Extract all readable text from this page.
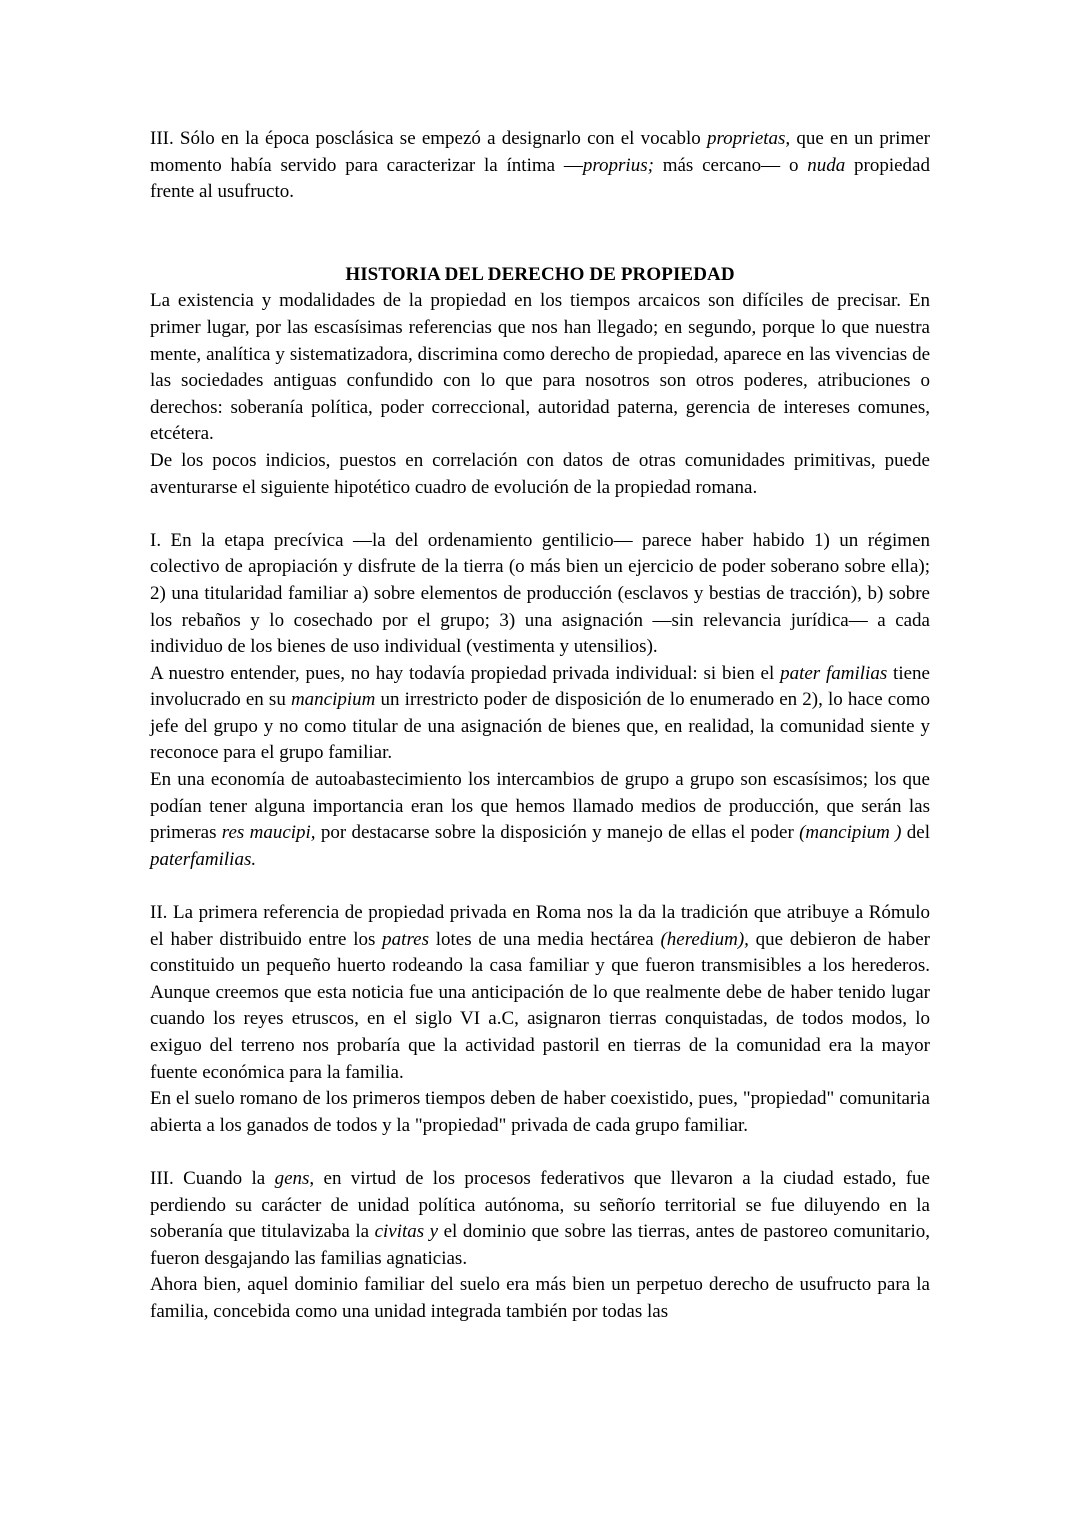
III. Sólo en la época posclásica se empezó a designarlo con el vocablo proprietas, que en un primer momento había servido para caracterizar la íntima —proprius; más cercano— o nuda propiedad frente al usufructo.

HISTORIA DEL DERECHO DE PROPIEDAD

La existencia y modalidades de la propiedad en los tiempos arcaicos son difíciles de precisar. En primer lugar, por las escasísimas referencias que nos han llegado; en segundo, porque lo que nuestra mente, analítica y sistematizadora, discrimina como derecho de propiedad, aparece en las vivencias de las sociedades antiguas confundido con lo que para nosotros son otros poderes, atribuciones o derechos: soberanía política, poder correccional, autoridad paterna, gerencia de intereses comunes, etcétera.

De los pocos indicios, puestos en correlación con datos de otras comunidades primitivas, puede aventurarse el siguiente hipotético cuadro de evolución de la propiedad romana.

I. En la etapa precívica —la del ordenamiento gentilicio— parece haber habido 1) un régimen colectivo de apropiación y disfrute de la tierra (o más bien un ejercicio de poder soberano sobre ella); 2) una titularidad familiar a) sobre elementos de producción (esclavos y bestias de tracción), b) sobre los rebaños y lo cosechado por el grupo; 3) una asignación —sin relevancia jurídica— a cada individuo de los bienes de uso individual (vestimenta y utensilios).

A nuestro entender, pues, no hay todavía propiedad privada individual: si bien el pater familias tiene involucrado en su mancipium un irrestricto poder de disposición de lo enumerado en 2), lo hace como jefe del grupo y no como titular de una asignación de bienes que, en realidad, la comunidad siente y reconoce para el grupo familiar.

En una economía de autoabastecimiento los intercambios de grupo a grupo son escasísimos; los que podían tener alguna importancia eran los que hemos llamado medios de producción, que serán las primeras res maucipi, por destacarse sobre la disposición y manejo de ellas el poder (mancipium ) del paterfamilias.

II. La primera referencia de propiedad privada en Roma nos la da la tradición que atribuye a Rómulo el haber distribuido entre los patres lotes de una media hectárea (heredium), que debieron de haber constituido un pequeño huerto rodeando la casa familiar y que fueron transmisibles a los herederos. Aunque creemos que esta noticia fue una anticipación de lo que realmente debe de haber tenido lugar cuando los reyes etruscos, en el siglo VI a.C, asignaron tierras conquistadas, de todos modos, lo exiguo del terreno nos probaría que la actividad pastoril en tierras de la comunidad era la mayor fuente económica para la familia.

En el suelo romano de los primeros tiempos deben de haber coexistido, pues, "propiedad" comunitaria abierta a los ganados de todos y la "propiedad" privada de cada grupo familiar.

III. Cuando la gens, en virtud de los procesos federativos que llevaron a la ciudad estado, fue perdiendo su carácter de unidad política autónoma, su señorío territorial se fue diluyendo en la soberanía que titulavizaba la civitas y el dominio que sobre las tierras, antes de pastoreo comunitario, fueron desgajando las familias agnaticias.

Ahora bien, aquel dominio familiar del suelo era más bien un perpetuo derecho de usufructo para la familia, concebida como una unidad integrada también por todas las
